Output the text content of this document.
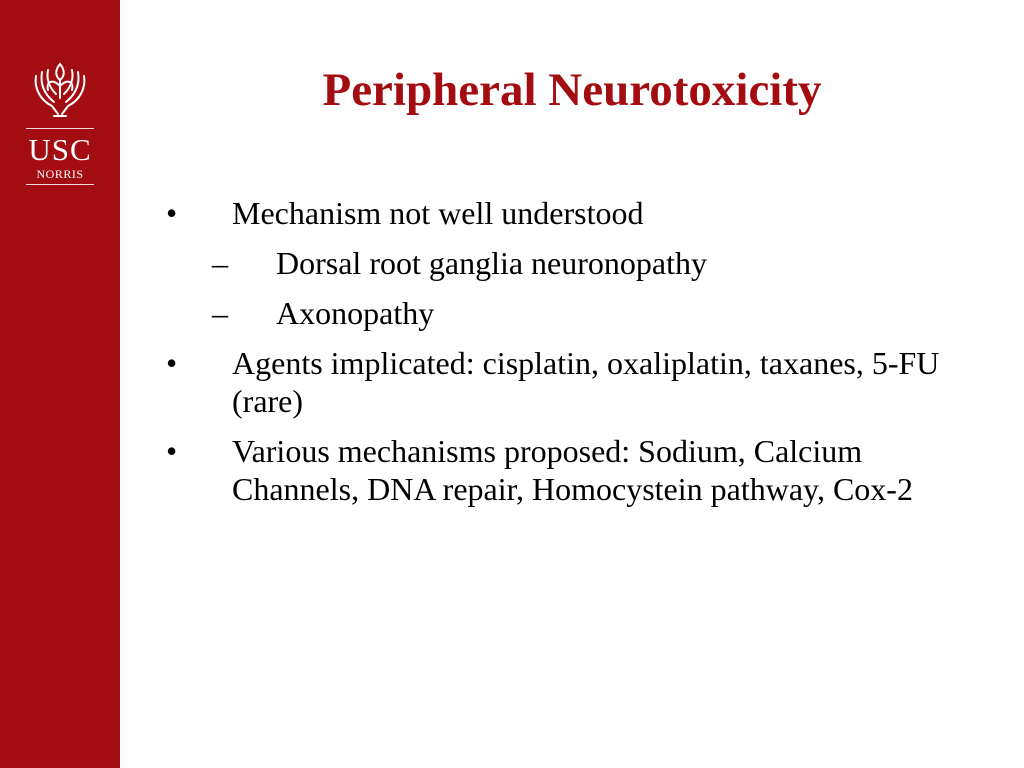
USC
NORRIS
Peripheral Neurotoxicity
• Mechanism not well understood
– Dorsal root ganglia neuronopathy
– Axonopathy
• Agents implicated: cisplatin, oxaliplatin, taxanes, 5-FU (rare)
• Various mechanisms proposed: Sodium, Calcium Channels, DNA repair, Homocystein pathway, Cox-2
